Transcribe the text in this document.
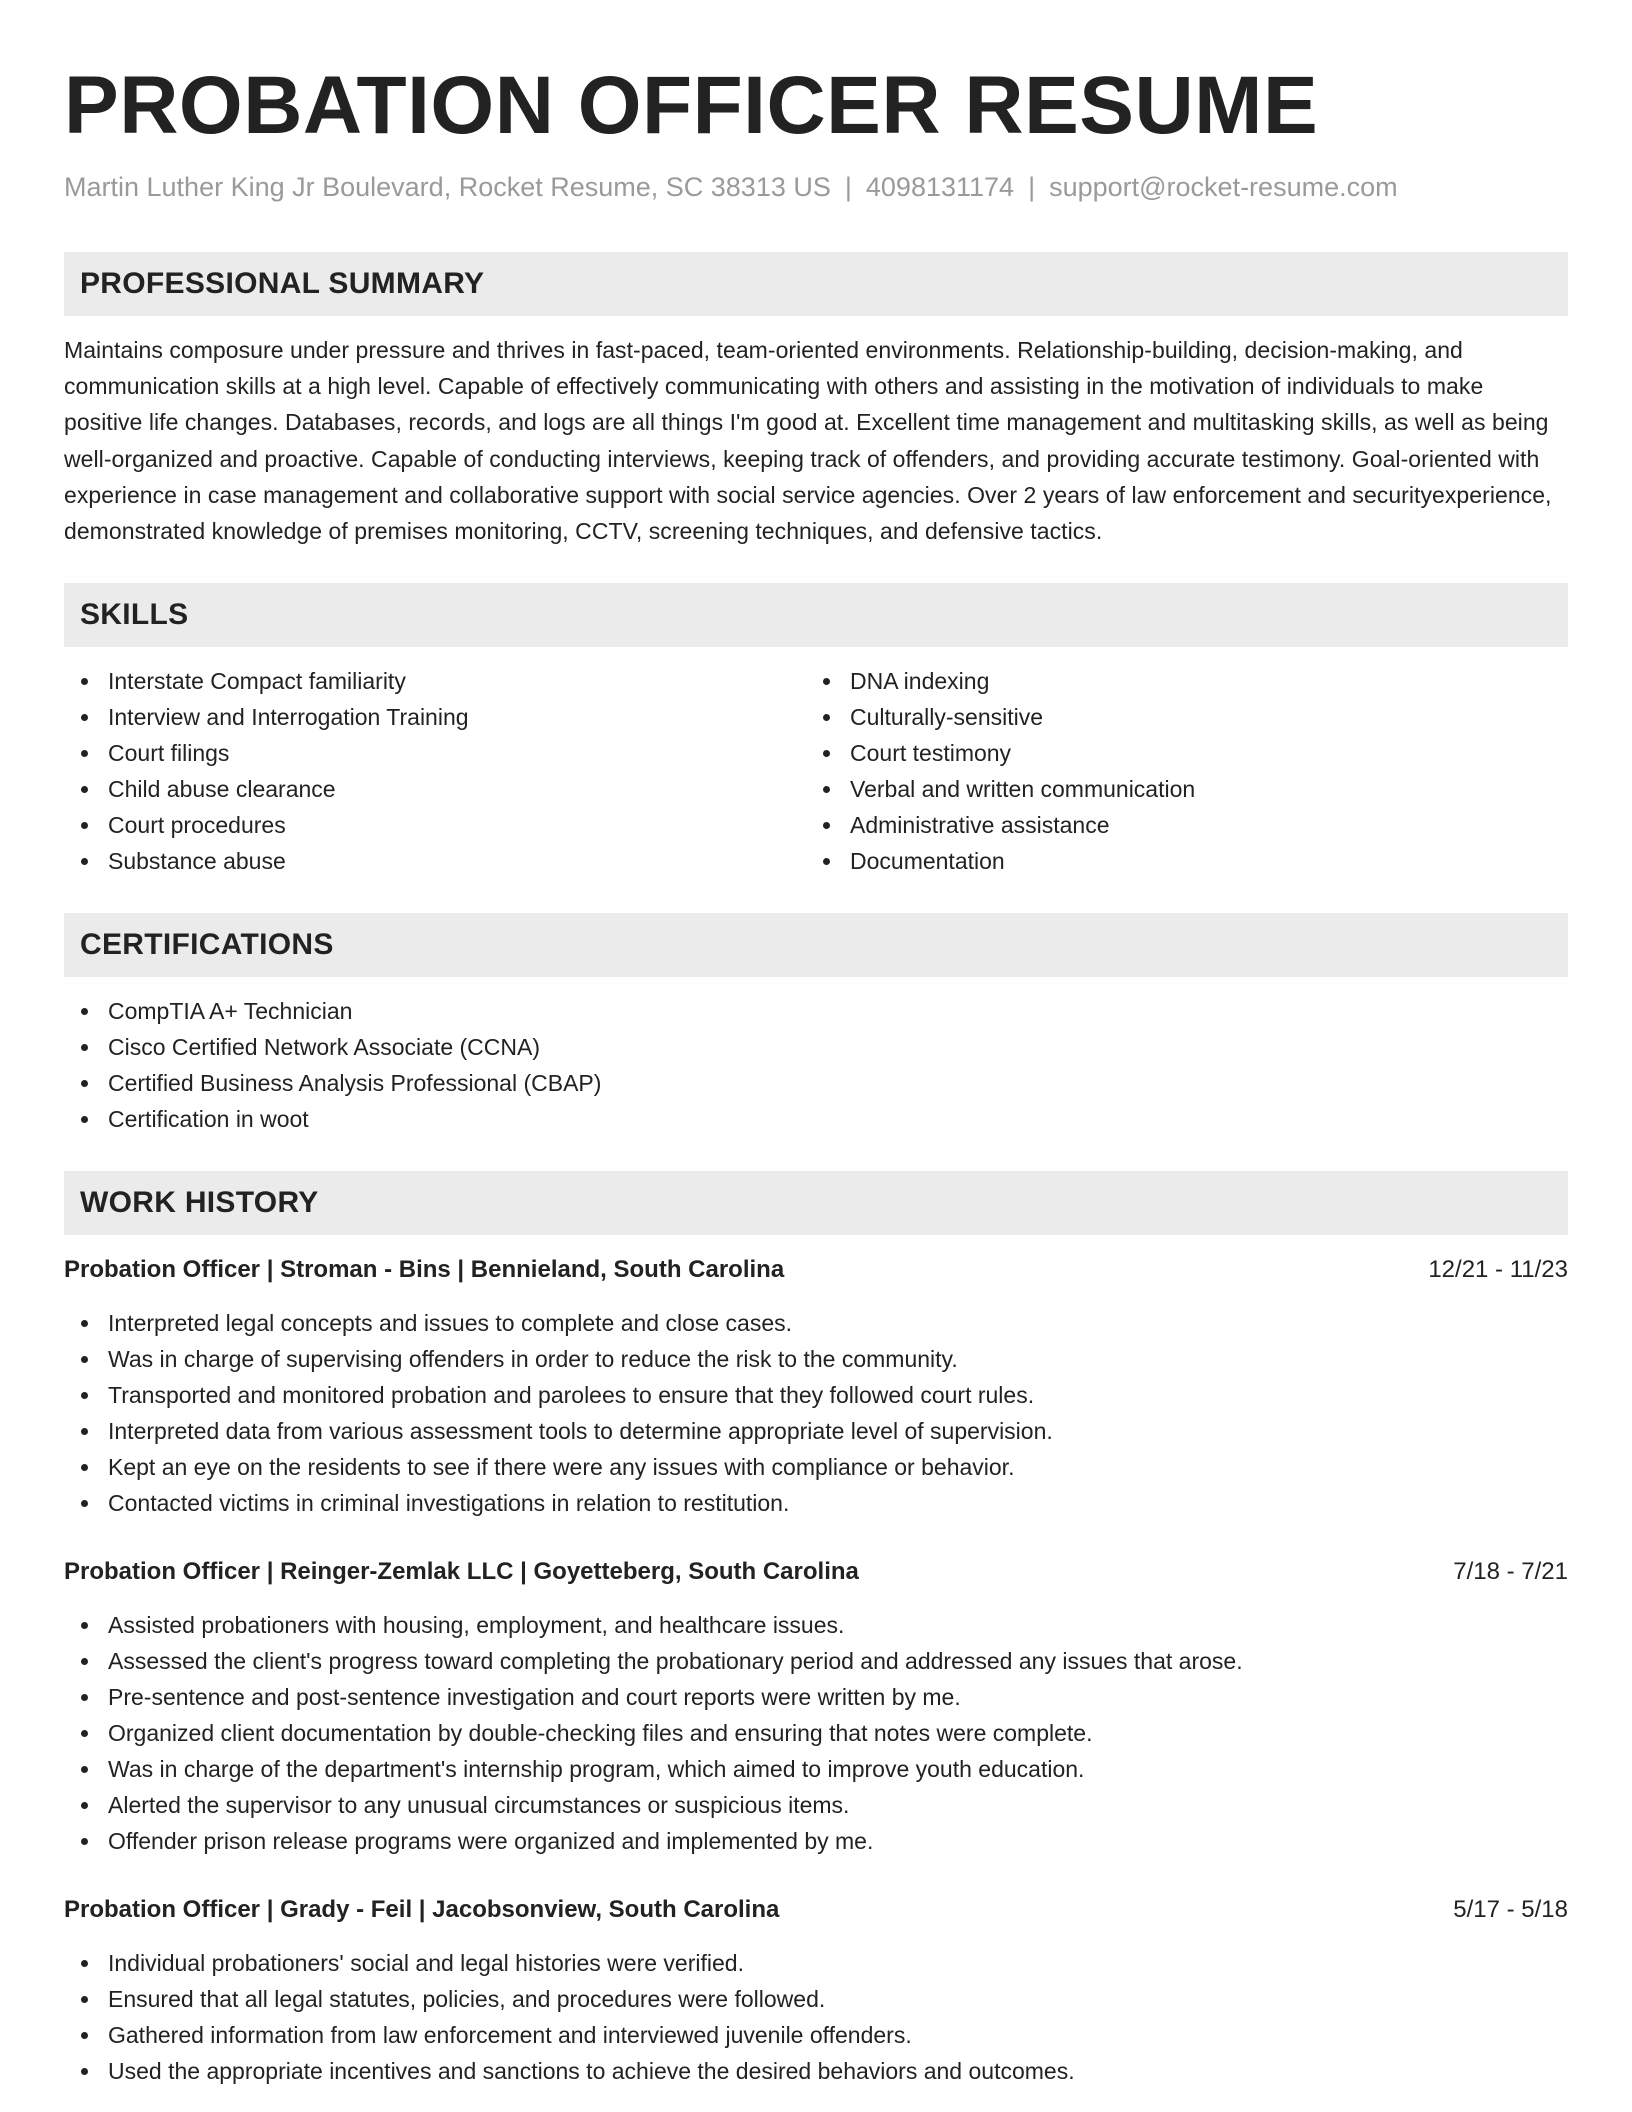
PROBATION OFFICER RESUME
Martin Luther King Jr Boulevard, Rocket Resume, SC 38313 US | 4098131174 | support@rocket-resume.com
PROFESSIONAL SUMMARY
Maintains composure under pressure and thrives in fast-paced, team-oriented environments. Relationship-building, decision-making, and communication skills at a high level. Capable of effectively communicating with others and assisting in the motivation of individuals to make positive life changes. Databases, records, and logs are all things I'm good at. Excellent time management and multitasking skills, as well as being well-organized and proactive. Capable of conducting interviews, keeping track of offenders, and providing accurate testimony. Goal-oriented with experience in case management and collaborative support with social service agencies. Over 2 years of law enforcement and securityexperience, demonstrated knowledge of premises monitoring, CCTV, screening techniques, and defensive tactics.
SKILLS
Interstate Compact familiarity
Interview and Interrogation Training
Court filings
Child abuse clearance
Court procedures
Substance abuse
DNA indexing
Culturally-sensitive
Court testimony
Verbal and written communication
Administrative assistance
Documentation
CERTIFICATIONS
CompTIA A+ Technician
Cisco Certified Network Associate (CCNA)
Certified Business Analysis Professional (CBAP)
Certification in woot
WORK HISTORY
Probation Officer | Stroman - Bins | Bennieland, South Carolina	12/21 - 11/23
Interpreted legal concepts and issues to complete and close cases.
Was in charge of supervising offenders in order to reduce the risk to the community.
Transported and monitored probation and parolees to ensure that they followed court rules.
Interpreted data from various assessment tools to determine appropriate level of supervision.
Kept an eye on the residents to see if there were any issues with compliance or behavior.
Contacted victims in criminal investigations in relation to restitution.
Probation Officer | Reinger-Zemlak LLC | Goyetteberg, South Carolina	7/18 - 7/21
Assisted probationers with housing, employment, and healthcare issues.
Assessed the client's progress toward completing the probationary period and addressed any issues that arose.
Pre-sentence and post-sentence investigation and court reports were written by me.
Organized client documentation by double-checking files and ensuring that notes were complete.
Was in charge of the department's internship program, which aimed to improve youth education.
Alerted the supervisor to any unusual circumstances or suspicious items.
Offender prison release programs were organized and implemented by me.
Probation Officer | Grady - Feil | Jacobsonview, South Carolina	5/17 - 5/18
Individual probationers' social and legal histories were verified.
Ensured that all legal statutes, policies, and procedures were followed.
Gathered information from law enforcement and interviewed juvenile offenders.
Used the appropriate incentives and sanctions to achieve the desired behaviors and outcomes.
